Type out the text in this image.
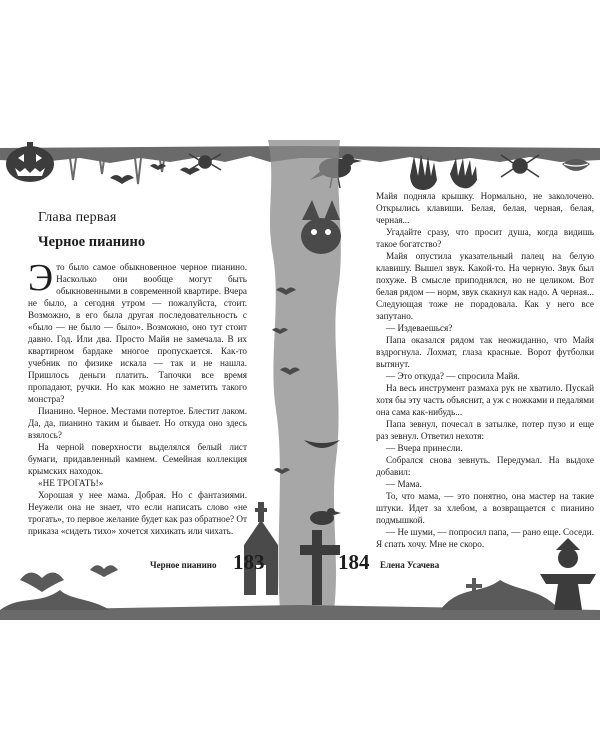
Глава первая
Черное пианино

Это было самое обыкновенное черное пианино. Насколько они вообще могут быть обыкновенными в современной квартире. Вчера не было, а сегодня утром — пожалуйста, стоит. Возможно, в его была другая последовательность с «было — не было — было». Возможно, оно тут стоит давно. Год. Или два. Просто Майя не замечала. В их квартирном бардаке многое пропускается. Как-то учебник по физике искала — так и не нашла. Пришлось деньги платить. Тапочки все время пропадают, ручки. Но как можно не заметить такого монстра?

Пианино. Черное. Местами потертое. Блестит лаком. Да, да, пианино таким и бывает. Но откуда оно здесь взялось?

На черной поверхности выделялся белый лист бумаги, придавленный камнем. Семейная коллекция крымских находок.

«НЕ ТРОГАТЬ!»

Хорошая у нее мама. Добрая. Но с фантазиями. Неужели она не знает, что если написать слово «не трогать», то первое желание будет как раз обратное? От приказа «сидеть тихо» хочется хихикать или чихать.

Черное пианино 183

Майя подняла крышку. Нормально, не заколочено. Открылись клавиши. Белая, белая, черная, белая, черная...

Угадайте сразу, что просит душа, когда видишь такое богатство?

Майя опустила указательный палец на белую клавишу. Вышел звук. Какой-то. На черную. Звук был похуже. В смысле приподнялся, но не целиком. Вот белая рядом — норм, звук скакнул как надо. А черная... Следующая тоже не порадовала. Как у него все запутано.

— Издеваешься?

Папа оказался рядом так неожиданно, что Майя вздрогнула. Лохмат, глаза красные. Ворот футболки вытянут.

— Это откуда? — спросила Майя.

На весь инструмент размаха рук не хватило. Пускай хотя бы эту часть объяснит, а уж с ножками и педалями она сама как-нибудь...

Папа зевнул, почесал в затылке, потер пузо и еще раз зевнул. Ответил нехотя:

— Вчера принесли.

Собрался снова зевнуть. Передумал. На выдохе добавил:

— Мама.

То, что мама, — это понятно, она мастер на такие штуки. Идет за хлебом, а возвращается с пианино подмышкой.

— Не шуми, — попросил папа, — рано еще. Соседи. Я спать хочу. Мне не скоро.

184 Елена Усачева
